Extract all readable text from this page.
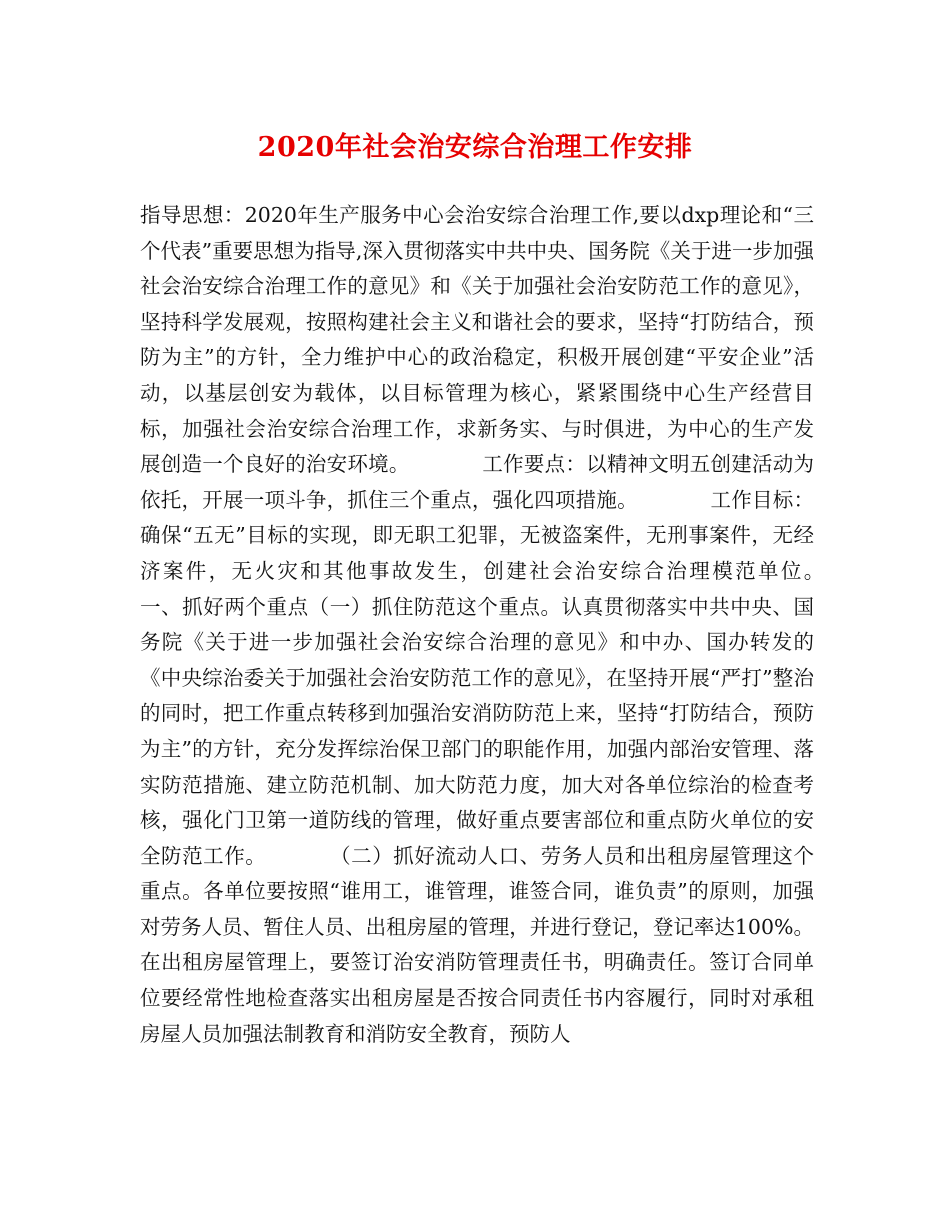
2020年社会治安综合治理工作安排

指导思想：2020年生产服务中心会治安综合治理工作,要以dxp理论和“三个代表”重要思想为指导,深入贯彻落实中共中央、国务院《关于进一步加强社会治安综合治理工作的意见》和《关于加强社会治安防范工作的意见》，坚持科学发展观，按照构建社会主义和谐社会的要求，坚持“打防结合，预防为主”的方针，全力维护中心的政治稳定，积极开展创建“平安企业”活动，以基层创安为载体，以目标管理为核心，紧紧围绕中心生产经营目标，加强社会治安综合治理工作，求新务实、与时俱进，为中心的生产发展创造一个良好的治安环境。　　　　工作要点：以精神文明五创建活动为依托，开展一项斗争，抓住三个重点，强化四项措施。　　　　工作目标：确保“五无”目标的实现，即无职工犯罪，无被盗案件，无刑事案件，无经济案件，无火灾和其他事故发生，创建社会治安综合治理模范单位。　　　　一、抓好两个重点（一）抓住防范这个重点。认真贯彻落实中共中央、国务院《关于进一步加强社会治安综合治理的意见》和中办、国办转发的《中央综治委关于加强社会治安防范工作的意见》，在坚持开展“严打”整治的同时，把工作重点转移到加强治安消防防范上来，坚持“打防结合，预防为主”的方针，充分发挥综治保卫部门的职能作用，加强内部治安管理、落实防范措施、建立防范机制、加大防范力度，加大对各单位综治的检查考核，强化门卫第一道防线的管理，做好重点要害部位和重点防火单位的安全防范工作。　　　　（二）抓好流动人口、劳务人员和出租房屋管理这个重点。各单位要按照“谁用工，谁管理，谁签合同，谁负责”的原则，加强对劳务人员、暂住人员、出租房屋的管理，并进行登记，登记率达100%。在出租房屋管理上，要签订治安消防管理责任书，明确责任。签订合同单位要经常性地检查落实出租房屋是否按合同责任书内容履行，同时对承租房屋人员加强法制教育和消防安全教育，预防人
